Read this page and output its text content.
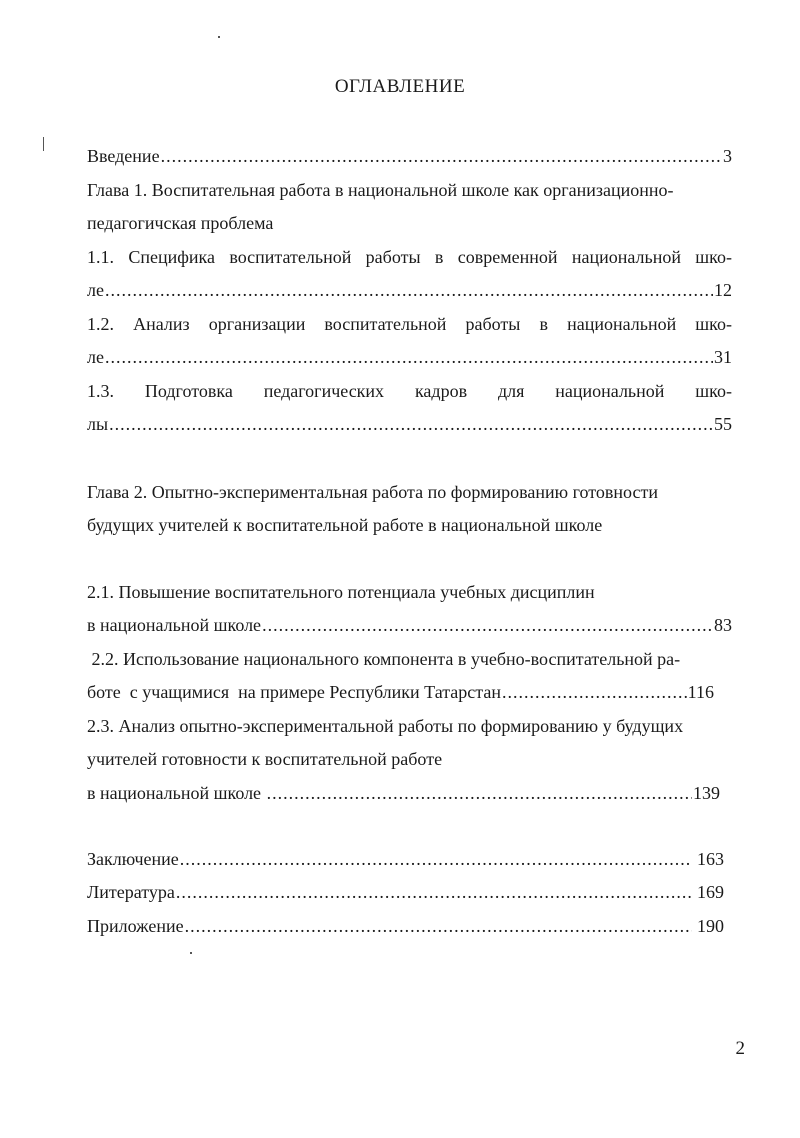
ОГЛАВЛЕНИЕ
Введение .....	3
Глава 1. Воспитательная работа в национальной школе как организационно-
педагогичская проблема
1.1. Специфика воспитательной работы в современной национальной шко-
ле .....	12
1.2. Анализ организации воспитательной работы в национальной шко-
ле .....	31
1.3. Подготовка педагогических кадров для национальной шко-
лы .....	55
Глава 2. Опытно-экспериментальная работа по формированию готовности
будущих учителей к воспитательной работе в национальной школе
2.1. Повышение воспитательного потенциала учебных дисциплин
в национальной школе .....	83
2.2. Использование национального компонента в учебно-воспитательной ра-
боте  с учащимися  на примере Республики Татарстан .....	116
2.3. Анализ опытно-экспериментальной работы по формированию у будущих
учителей готовности к воспитательной работе
в национальной школе .....	139
Заключение .....	163
Литература .....	169
Приложение .....	190
2
